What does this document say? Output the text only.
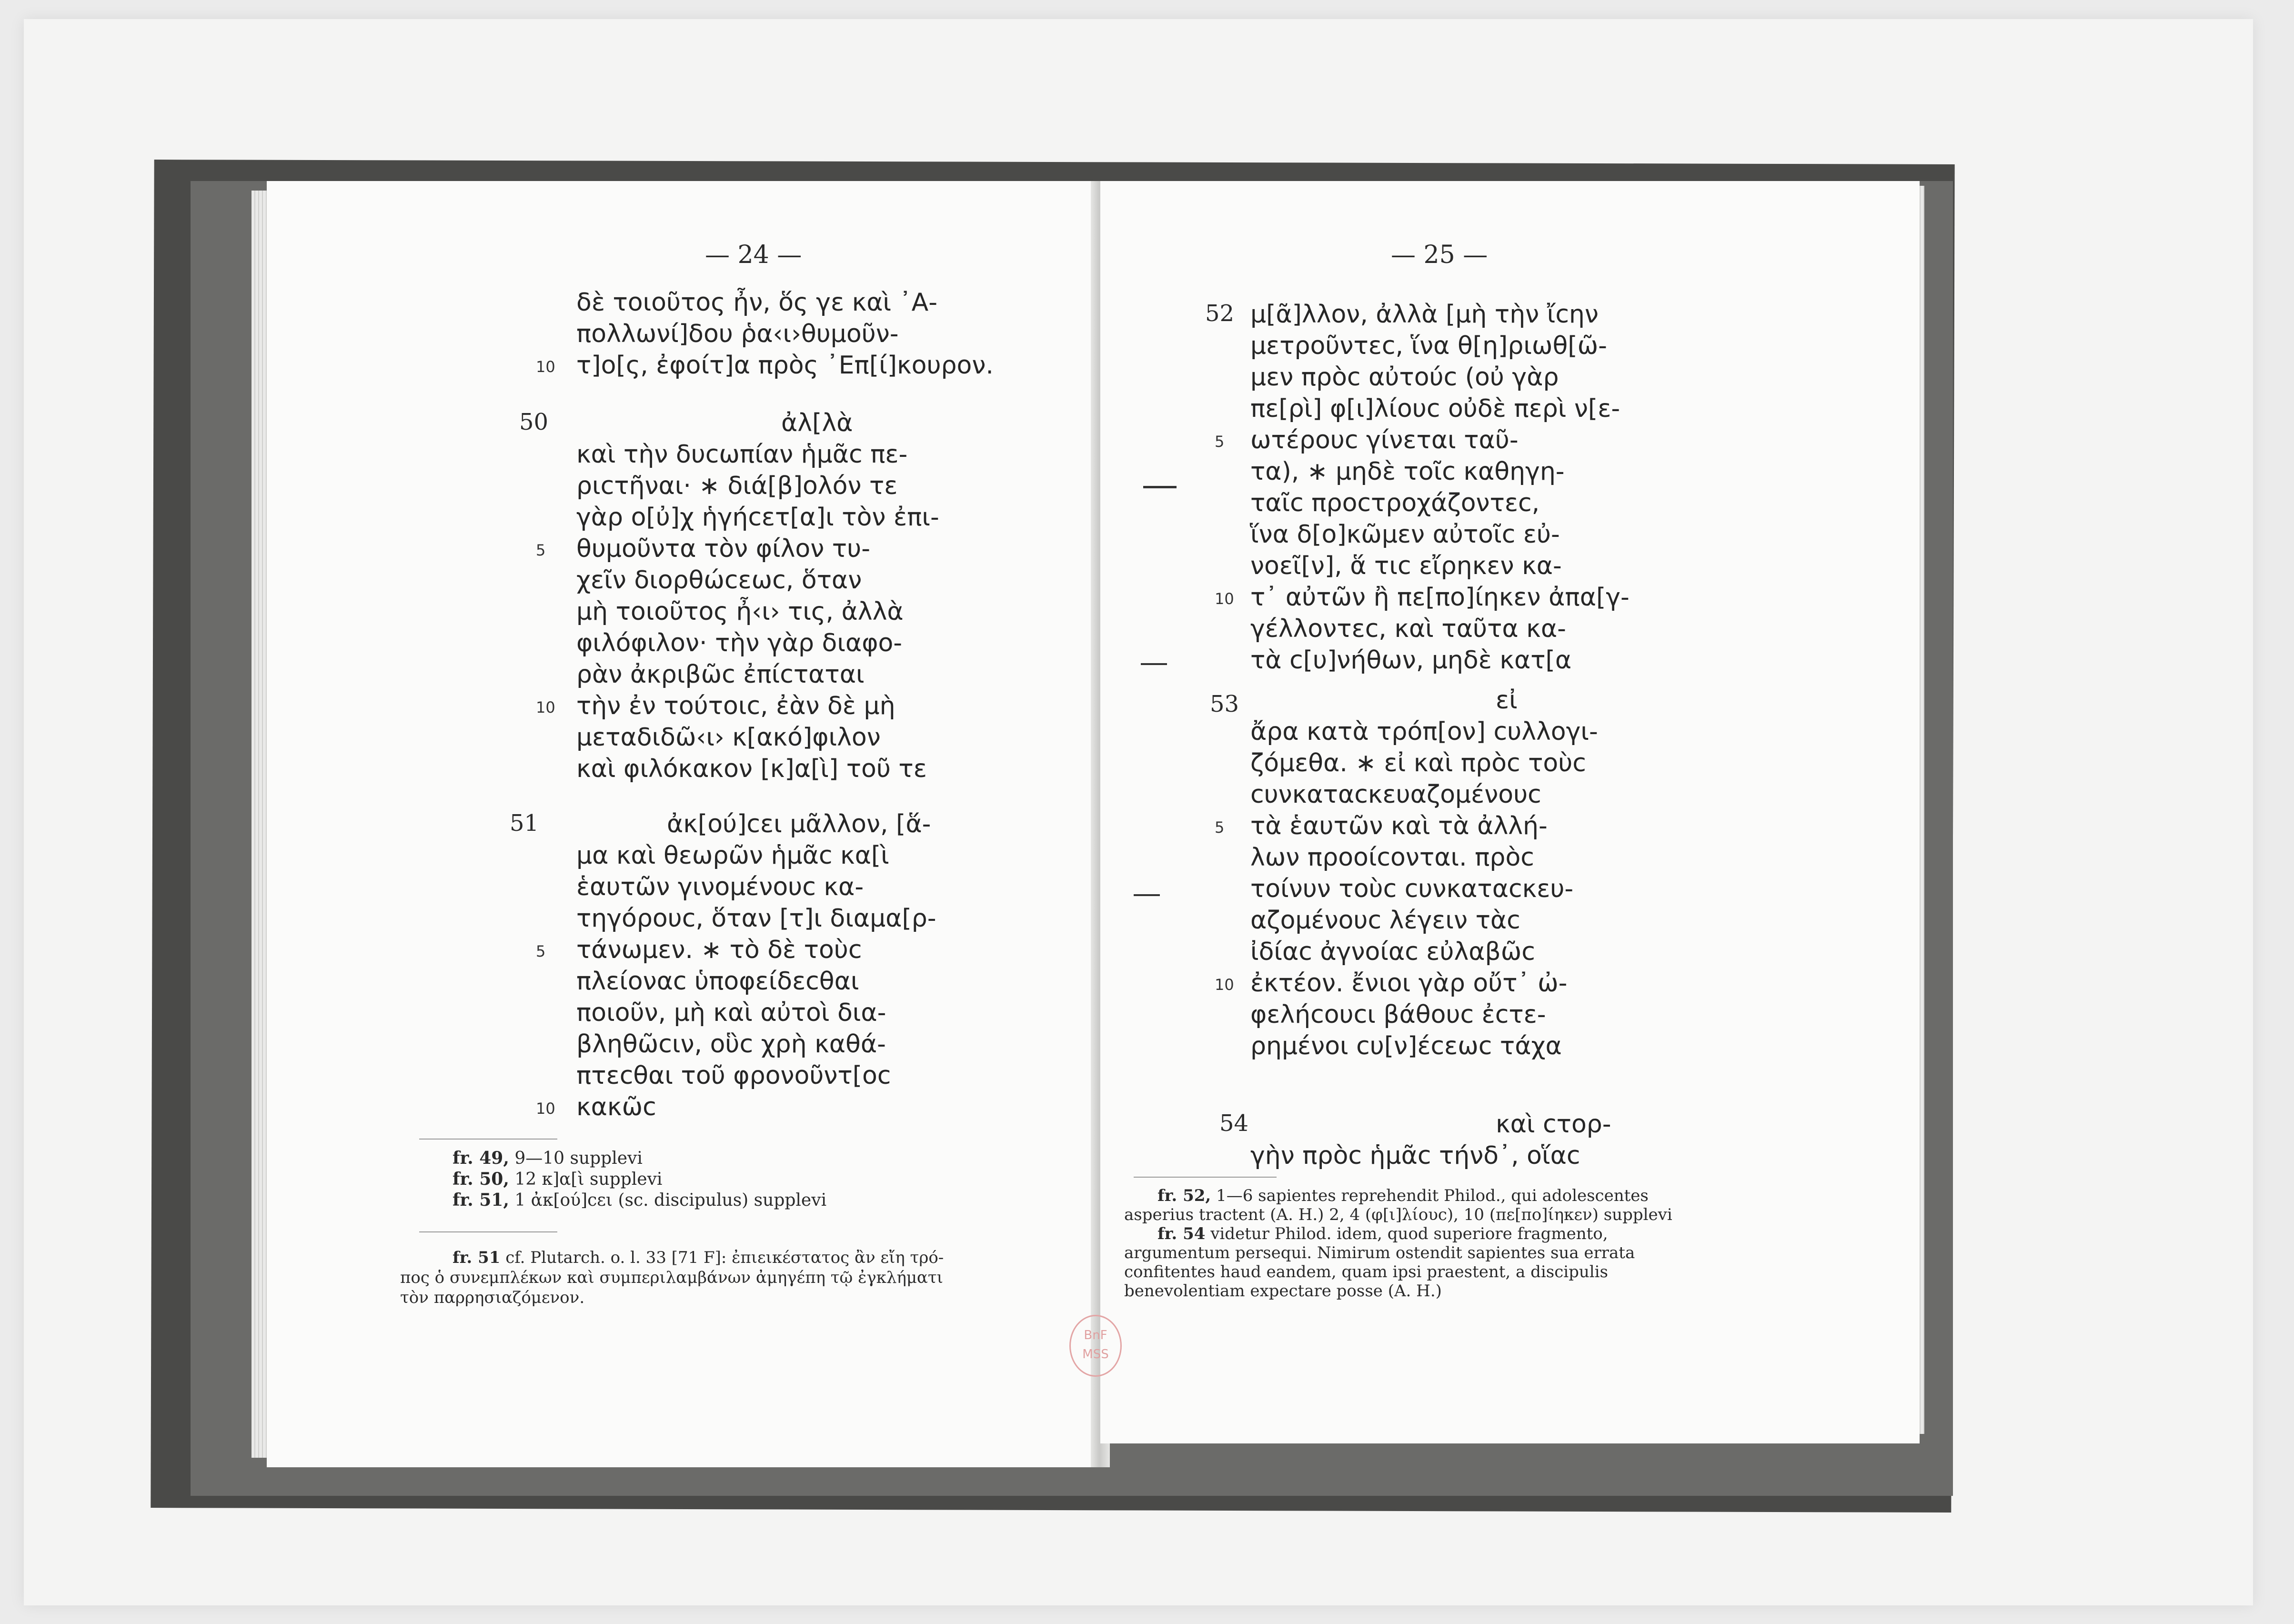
— 24 —
δὲ τοιοῦτος ἦν, ὅς γε καὶ ᾿Α-
πολλωνί]δου ῥα‹ι›θυμοῦν-
τ]ο[ς, ἐφοίτ]α πρὸς ᾿Επ[ί]κουρον.
10
50	ἀλ[λὰ
καὶ τὴν δυϲωπίαν ἡμᾶϲ πε-
ριϲτῆναι· ∗ διά[β]ολόν τε
γὰρ ο[ὐ]χ ἡγήϲετ[α]ι τὸν ἐπι-
θυμοῦντα τὸν φίλον τυ-
5
χεῖν διορθώϲεωϲ, ὅταν
μὴ τοιοῦτος ἦ‹ι› τις, ἀλλὰ
φιλόφιλον· τὴν γὰρ διαφο-
ρὰν ἀκριβῶϲ ἐπίϲταται
τὴν ἐν τούτοιϲ, ἐὰν δὲ μὴ
10
μεταδιδῶ‹ι› κ[ακό]φιλον
καὶ φιλόκακον [κ]α[ὶ] τοῦ τε
51	ἀκ[ού]ϲει μᾶλλον, [ἅ-
μα καὶ θεωρῶν ἡμᾶϲ κα[ὶ
ἑαυτῶν γινομένουϲ κα-
τηγόρουϲ, ὅταν [τ]ι διαμα[ρ-
τάνωμεν. ∗ τὸ δὲ τοὺϲ
5
πλείοναϲ ὑποφείδεϲθαι
ποιοῦν, μὴ καὶ αὐτοὶ δια-
βληθῶϲιν, οὓϲ χρὴ καθά-
πτεϲθαι τοῦ φρονοῦντ[οϲ
κακῶϲ
10
fr. 49, 9—10 supplevi
fr. 50, 12 κ]α[ὶ supplevi
fr. 51, 1 ἀκ[ού]ϲει (sc. discipulus) supplevi
fr. 51 cf. Plutarch. o. l. 33 [71 F]: ἐπιεικέστατος ἂν εἴη τρό-
πος ὁ συνεμπλέκων καὶ συμπεριλαμβάνων ἀμηγέπη τῷ ἐγκλήματι
τὸν παρρησιαζόμενον.
— 25 —
52 μ[ᾶ]λλον, ἀλλὰ [μὴ τὴν ἴϲην
μετροῦντεϲ, ἵνα θ[η]ριωθ[ῶ-
μεν πρὸϲ αὐτούϲ (οὐ γὰρ
πε[ρὶ] φ[ι]λίουϲ οὐδὲ περὶ ν[ε-
ωτέρουϲ γίνεται ταῦ-
5
τα), ∗ μηδὲ τοῖϲ καθηγη-
ταῖϲ προϲτροχάζοντεϲ,
ἵνα δ[ο]κῶμεν αὐτοῖϲ εὐ-
νοεῖ[ν], ἅ τιϲ εἴρηκεν κα-
τ᾿ αὐτῶν ἢ πε[πο]ίηκεν ἀπα[γ-
10
γέλλοντεϲ, καὶ ταῦτα κα-
τὰ ϲ[υ]νήθων, μηδὲ κατ[α
53	εἰ
ἄρα κατὰ τρόπ[ον] ϲυλλογι-
ζόμεθα. ∗ εἰ καὶ πρὸϲ τοὺϲ
ϲυνκαταϲκευαζομένουϲ
τὰ ἑαυτῶν καὶ τὰ ἀλλή-
5
λων προοίϲονται. πρὸϲ
τοίνυν τοὺϲ ϲυνκαταϲκευ-
αζομένουϲ λέγειν τὰϲ
ἰδίαϲ ἀγνοίαϲ εὐλαβῶϲ
ἐκτέον. ἔνιοι γὰρ οὔτ᾿ ὠ-
10
φελήϲουϲι βάθουϲ ἐϲτε-
ρημένοι ϲυ[ν]έϲεωϲ τάχα
54	καὶ ϲτορ-
γὴν πρὸϲ ἡμᾶϲ τήνδ᾿, οἵαϲ
fr. 52, 1—6 sapientes reprehendit Philod., qui adolescentes
asperius tractent (A. H.) 2, 4 (φ[ι]λίουϲ), 10 (πε[πο]ίηκεν) supplevi
fr. 54 videtur Philod. idem, quod superiore fragmento,
argumentum persequi. Nimirum ostendit sapientes sua errata
confitentes haud eandem, quam ipsi praestent, a discipulis
benevolentiam expectare posse (A. H.)
BnF
MSS
